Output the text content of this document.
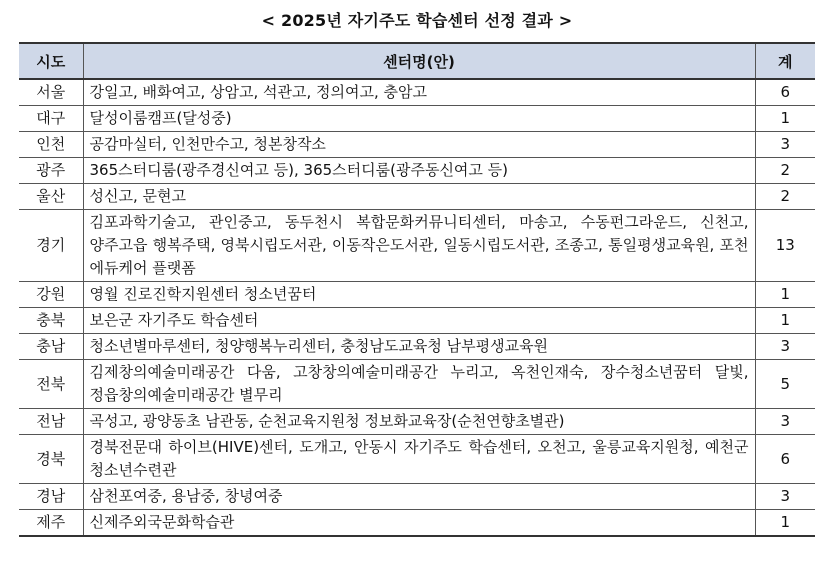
< 2025년 자기주도 학습센터 선정 결과 >
시도	센터명(안)	계
서울	강일고, 배화여고, 상암고, 석관고, 정의여고, 충암고	6
대구	달성이룸캠프(달성중)	1
인천	공감마실터, 인천만수고, 청본창작소	3
광주	365스터디룸(광주경신여고 등), 365스터디룸(광주동신여고 등)	2
울산	성신고, 문현고	2
경기	김포과학기술고, 관인중고, 동두천시 복합문화커뮤니티센터, 마송고, 수동펀그라운드, 신천고, 양주고읍 행복주택, 영북시립도서관, 이동작은도서관, 일동시립도서관, 조종고, 통일평생교육원, 포천 에듀케어 플랫폼	13
강원	영월 진로진학지원센터 청소년꿈터	1
충북	보은군 자기주도 학습센터	1
충남	청소년별마루센터, 청양행복누리센터, 충청남도교육청 남부평생교육원	3
전북	김제창의예술미래공간 다움, 고창창의예술미래공간 누리고, 옥천인재숙, 장수청소년꿈터 달빛, 정읍창의예술미래공간 별무리	5
전남	곡성고, 광양동초 남관동, 순천교육지원청 정보화교육장(순천연향초별관)	3
경북	경북전문대 하이브(HIVE)센터, 도개고, 안동시 자기주도 학습센터, 오천고, 울릉교육지원청, 예천군 청소년수련관	6
경남	삼천포여중, 용남중, 창녕여중	3
제주	신제주외국문화학습관	1
